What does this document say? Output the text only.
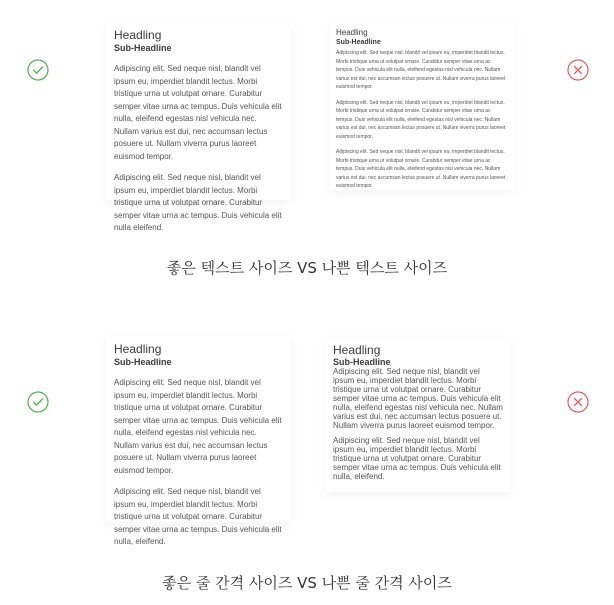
Headling
Sub-Headline

Adipiscing elit. Sed neque nisl, blandit vel ipsum eu, imperdiet blandit lectus. Morbi tristique urna ut volutpat ornare. Curabitur semper vitae urna ac tempus. Duis vehicula elit nulla, eleifend egestas nisl vehicula nec. Nullam varius est dui, nec accumsan lectus posuere ut. Nullam viverra purus laoreet euismod tempor.

Adipiscing elit. Sed neque nisl, blandit vel ipsum eu, imperdiet blandit lectus. Morbi tristique urna ut volutpat ornare. Curabitur semper vitae urna ac tempus. Duis vehicula elit nulla eleifend.

Headling
Sub-Headline

Adipiscing elit. Sed neque nisl, blandit vel ipsum eu, imperdiet blandit lectus. Morbi tristique urna ut volutpat ornare. Curabitur semper vitae urna ac tempus. Duis vehicula elit nulla, eleifend egestas nisl vehicula nec. Nullam varius est dui, nec accumsan lectus posuere ut. Nullam viverra purus laoreet euismod tempor.

Adipiscing elit. Sed neque nisl, blandit vel ipsum eu, imperdiet blandit lectus. Morbi tristique urna ut volutpat ornare. Curabitur semper vitae urna ac tempus. Duis vehicula elit nulla, eleifend egestas nisl vehicula nec. Nullam varius est dui, nec accumsan lectus posuere ut. Nullam viverra purus laoreet euismod tempor.

Adipiscing elit. Sed neque nisl, blandit vel ipsum eu, imperdiet blandit lectus. Morbi tristique urna ut volutpat ornare. Curabitur semper vitae urna ac tempus. Duis vehicula elit nulla, eleifend egestas nisl vehicula nec. Nullam varius est dui, nec accumsan lectus posuere ut. Nullam viverra purus laoreet euismod tempor.

좋은 텍스트 사이즈 VS 나쁜 텍스트 사이즈
Headling
Sub-Headline

Adipiscing elit. Sed neque nisl, blandit vel ipsum eu, imperdiet blandit lectus. Morbi tristique urna ut volutpat ornare. Curabitur semper vitae urna ac tempus. Duis vehicula elit nulla, eleifend egestas nisl vehicula nec. Nullam varius est dui, nec accumsan lectus posuere ut. Nullam viverra purus laoreet euismod tempor.

Adipiscing elit. Sed neque nisl, blandit vel ipsum eu, imperdiet blandit lectus. Morbi tristique urna ut volutpat ornare. Curabitur semper vitae urna ac tempus. Duis vehicula elit nulla, eleifend.

Headling
Sub-Headline

Adipiscing elit. Sed neque nisl, blandit vel ipsum eu, imperdiet blandit lectus. Morbi tristique urna ut volutpat ornare. Curabitur semper vitae urna ac tempus. Duis vehicula elit nulla, eleifend egestas nisl vehicula nec. Nullam varius est dui, nec accumsan lectus posuere ut. Nullam viverra purus laoreet euismod tempor.

Adipiscing elit. Sed neque nisl, blandit vel ipsum eu, imperdiet blandit lectus. Morbi tristique urna ut volutpat ornare. Curabitur semper vitae urna ac tempus. Duis vehicula elit nulla, eleifend.

좋은 줄 간격 사이즈 VS 나쁜 줄 간격 사이즈
